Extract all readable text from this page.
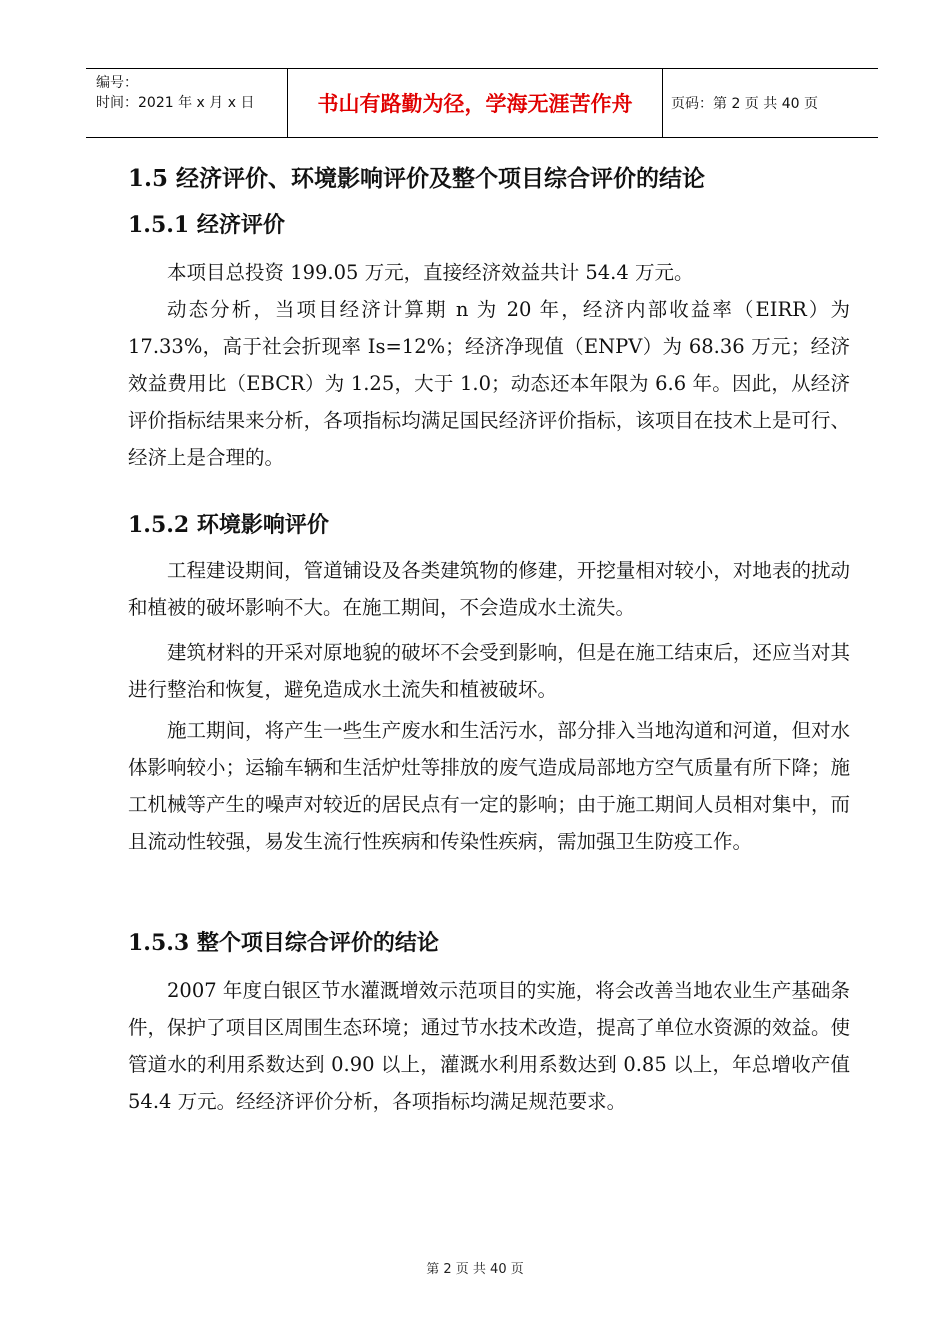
编号：
时间：2021 年 x 月 x 日	书山有路勤为径，学海无涯苦作舟	页码：第 2 页 共 40 页
1.5 经济评价、环境影响评价及整个项目综合评价的结论
1.5.1 经济评价

本项目总投资 199.05 万元，直接经济效益共计 54.4 万元。

动态分析，当项目经济计算期 n 为 20 年，经济内部收益率（EIRR）为 17.33%，高于社会折现率 Is=12%；经济净现值（ENPV）为 68.36 万元；经济效益费用比（EBCR）为 1.25，大于 1.0；动态还本年限为 6.6 年。因此，从经济评价指标结果来分析，各项指标均满足国民经济评价指标，该项目在技术上是可行、经济上是合理的。

1.5.2 环境影响评价

工程建设期间，管道铺设及各类建筑物的修建，开挖量相对较小，对地表的扰动和植被的破坏影响不大。在施工期间，不会造成水土流失。

建筑材料的开采对原地貌的破坏不会受到影响，但是在施工结束后，还应当对其进行整治和恢复，避免造成水土流失和植被破坏。

施工期间，将产生一些生产废水和生活污水，部分排入当地沟道和河道，但对水体影响较小；运输车辆和生活炉灶等排放的废气造成局部地方空气质量有所下降；施工机械等产生的噪声对较近的居民点有一定的影响；由于施工期间人员相对集中，而且流动性较强，易发生流行性疾病和传染性疾病，需加强卫生防疫工作。

1.5.3 整个项目综合评价的结论

2007 年度白银区节水灌溉增效示范项目的实施，将会改善当地农业生产基础条件，保护了项目区周围生态环境；通过节水技术改造，提高了单位水资源的效益。使管道水的利用系数达到 0.90 以上，灌溉水利用系数达到 0.85 以上，年总增收产值 54.4 万元。经经济评价分析，各项指标均满足规范要求。

第 2 页 共 40 页
